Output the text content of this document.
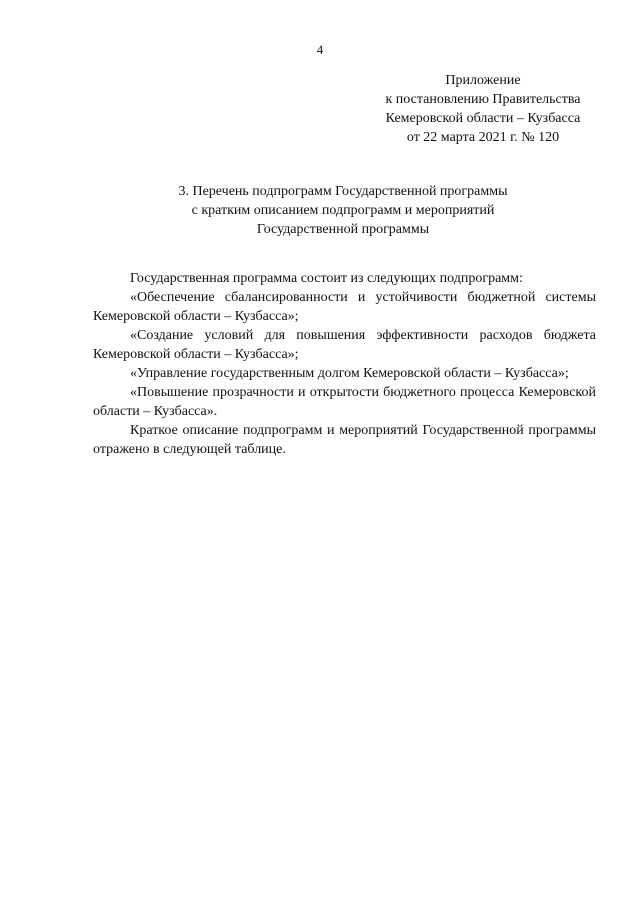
4
Приложение
к постановлению Правительства
Кемеровской области – Кузбасса
от 22 марта 2021 г. № 120
3. Перечень подпрограмм Государственной программы
с кратким описанием подпрограмм и мероприятий
Государственной программы

Государственная программа состоит из следующих подпрограмм:

«Обеспечение сбалансированности и устойчивости бюджетной системы Кемеровской области – Кузбасса»;

«Создание условий для повышения эффективности расходов бюджета Кемеровской области – Кузбасса»;

«Управление государственным долгом Кемеровской области – Кузбасса»;

«Повышение прозрачности и открытости бюджетного процесса Кемеровской области – Кузбасса».

Краткое описание подпрограмм и мероприятий Государственной программы отражено в следующей таблице.
